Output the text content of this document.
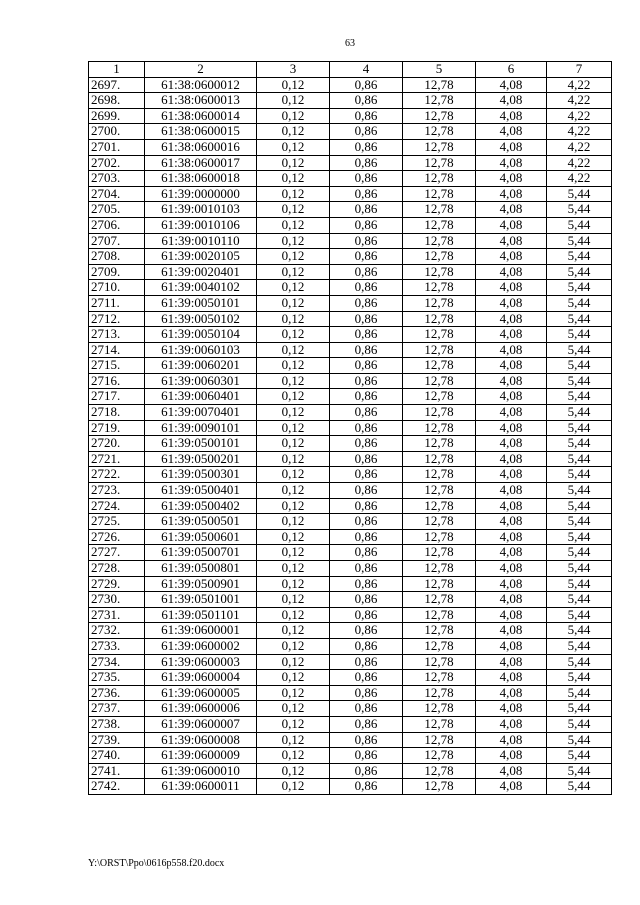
63
1	2	3	4	5	6	7
2697.	61:38:0600012	0,12	0,86	12,78	4,08	4,22
2698.	61:38:0600013	0,12	0,86	12,78	4,08	4,22
2699.	61:38:0600014	0,12	0,86	12,78	4,08	4,22
2700.	61:38:0600015	0,12	0,86	12,78	4,08	4,22
2701.	61:38:0600016	0,12	0,86	12,78	4,08	4,22
2702.	61:38:0600017	0,12	0,86	12,78	4,08	4,22
2703.	61:38:0600018	0,12	0,86	12,78	4,08	4,22
2704.	61:39:0000000	0,12	0,86	12,78	4,08	5,44
2705.	61:39:0010103	0,12	0,86	12,78	4,08	5,44
2706.	61:39:0010106	0,12	0,86	12,78	4,08	5,44
2707.	61:39:0010110	0,12	0,86	12,78	4,08	5,44
2708.	61:39:0020105	0,12	0,86	12,78	4,08	5,44
2709.	61:39:0020401	0,12	0,86	12,78	4,08	5,44
2710.	61:39:0040102	0,12	0,86	12,78	4,08	5,44
2711.	61:39:0050101	0,12	0,86	12,78	4,08	5,44
2712.	61:39:0050102	0,12	0,86	12,78	4,08	5,44
2713.	61:39:0050104	0,12	0,86	12,78	4,08	5,44
2714.	61:39:0060103	0,12	0,86	12,78	4,08	5,44
2715.	61:39:0060201	0,12	0,86	12,78	4,08	5,44
2716.	61:39:0060301	0,12	0,86	12,78	4,08	5,44
2717.	61:39:0060401	0,12	0,86	12,78	4,08	5,44
2718.	61:39:0070401	0,12	0,86	12,78	4,08	5,44
2719.	61:39:0090101	0,12	0,86	12,78	4,08	5,44
2720.	61:39:0500101	0,12	0,86	12,78	4,08	5,44
2721.	61:39:0500201	0,12	0,86	12,78	4,08	5,44
2722.	61:39:0500301	0,12	0,86	12,78	4,08	5,44
2723.	61:39:0500401	0,12	0,86	12,78	4,08	5,44
2724.	61:39:0500402	0,12	0,86	12,78	4,08	5,44
2725.	61:39:0500501	0,12	0,86	12,78	4,08	5,44
2726.	61:39:0500601	0,12	0,86	12,78	4,08	5,44
2727.	61:39:0500701	0,12	0,86	12,78	4,08	5,44
2728.	61:39:0500801	0,12	0,86	12,78	4,08	5,44
2729.	61:39:0500901	0,12	0,86	12,78	4,08	5,44
2730.	61:39:0501001	0,12	0,86	12,78	4,08	5,44
2731.	61:39:0501101	0,12	0,86	12,78	4,08	5,44
2732.	61:39:0600001	0,12	0,86	12,78	4,08	5,44
2733.	61:39:0600002	0,12	0,86	12,78	4,08	5,44
2734.	61:39:0600003	0,12	0,86	12,78	4,08	5,44
2735.	61:39:0600004	0,12	0,86	12,78	4,08	5,44
2736.	61:39:0600005	0,12	0,86	12,78	4,08	5,44
2737.	61:39:0600006	0,12	0,86	12,78	4,08	5,44
2738.	61:39:0600007	0,12	0,86	12,78	4,08	5,44
2739.	61:39:0600008	0,12	0,86	12,78	4,08	5,44
2740.	61:39:0600009	0,12	0,86	12,78	4,08	5,44
2741.	61:39:0600010	0,12	0,86	12,78	4,08	5,44
2742.	61:39:0600011	0,12	0,86	12,78	4,08	5,44
Y:\ORST\Ppo\0616p558.f20.docx
